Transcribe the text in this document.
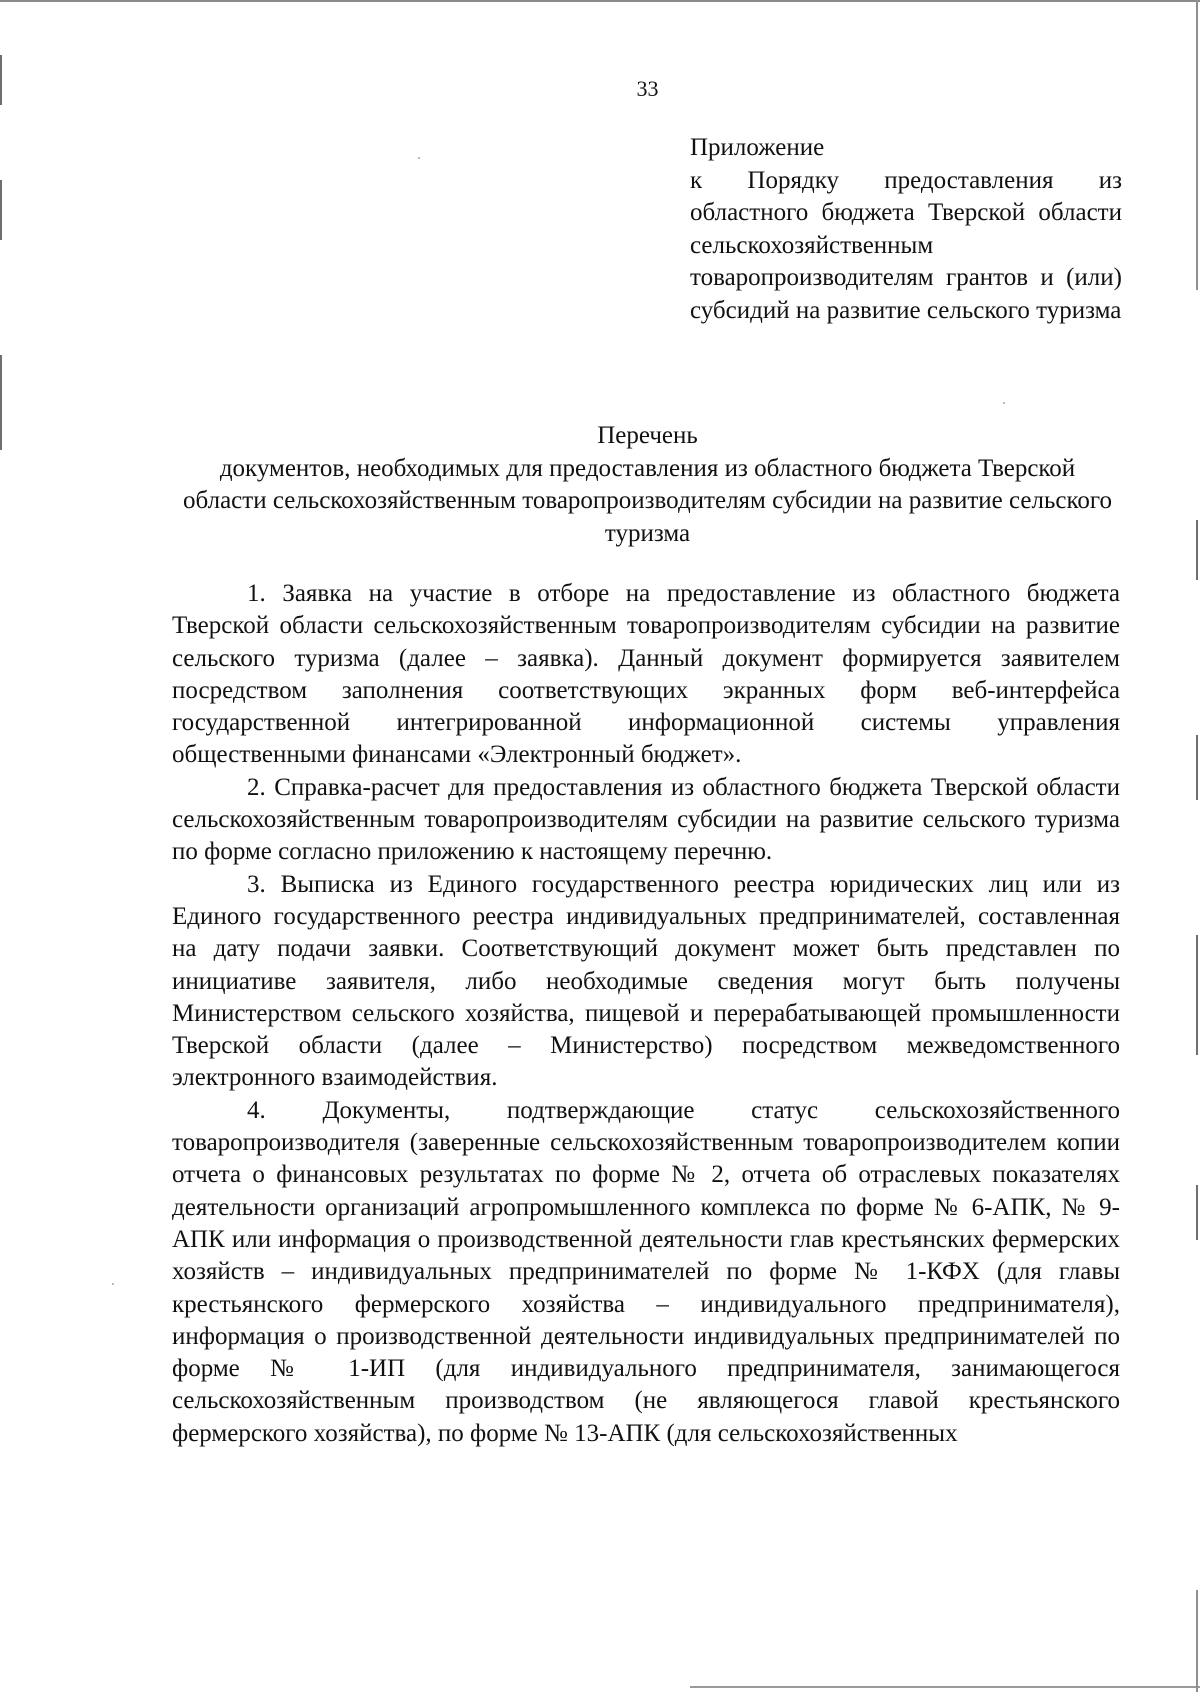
33
Приложение
к Порядку предоставления из областного бюджета Тверской области сельскохозяйственным товаропроизводителям грантов и (или) субсидий на развитие сельского туризма
Перечень
документов, необходимых для предоставления из областного бюджета Тверской области сельскохозяйственным товаропроизводителям субсидии на развитие сельского туризма

1. Заявка на участие в отборе на предоставление из областного бюджета Тверской области сельскохозяйственным товаропроизводителям субсидии на развитие сельского туризма (далее – заявка). Данный документ формируется заявителем посредством заполнения соответствующих экранных форм веб-интерфейса государственной интегрированной информационной системы управления общественными финансами «Электронный бюджет».

2. Справка-расчет для предоставления из областного бюджета Тверской области сельскохозяйственным товаропроизводителям субсидии на развитие сельского туризма по форме согласно приложению к настоящему перечню.

3. Выписка из Единого государственного реестра юридических лиц или из Единого государственного реестра индивидуальных предпринимателей, составленная на дату подачи заявки. Соответствующий документ может быть представлен по инициативе заявителя, либо необходимые сведения могут быть получены Министерством сельского хозяйства, пищевой и перерабатывающей промышленности Тверской области (далее – Министерство) посредством межведомственного электронного взаимодействия.

4. Документы, подтверждающие статус сельскохозяйственного товаропроизводителя (заверенные сельскохозяйственным товаропроизводителем копии отчета о финансовых результатах по форме № 2, отчета об отраслевых показателях деятельности организаций агропромышленного комплекса по форме № 6-АПК, № 9-АПК или информация о производственной деятельности глав крестьянских фермерских хозяйств – индивидуальных предпринимателей по форме № 1-КФХ (для главы крестьянского фермерского хозяйства – индивидуального предпринимателя), информация о производственной деятельности индивидуальных предпринимателей по форме № 1-ИП (для индивидуального предпринимателя, занимающегося сельскохозяйственным производством (не являющегося главой крестьянского фермерского хозяйства), по форме № 13-АПК (для сельскохозяйственных
